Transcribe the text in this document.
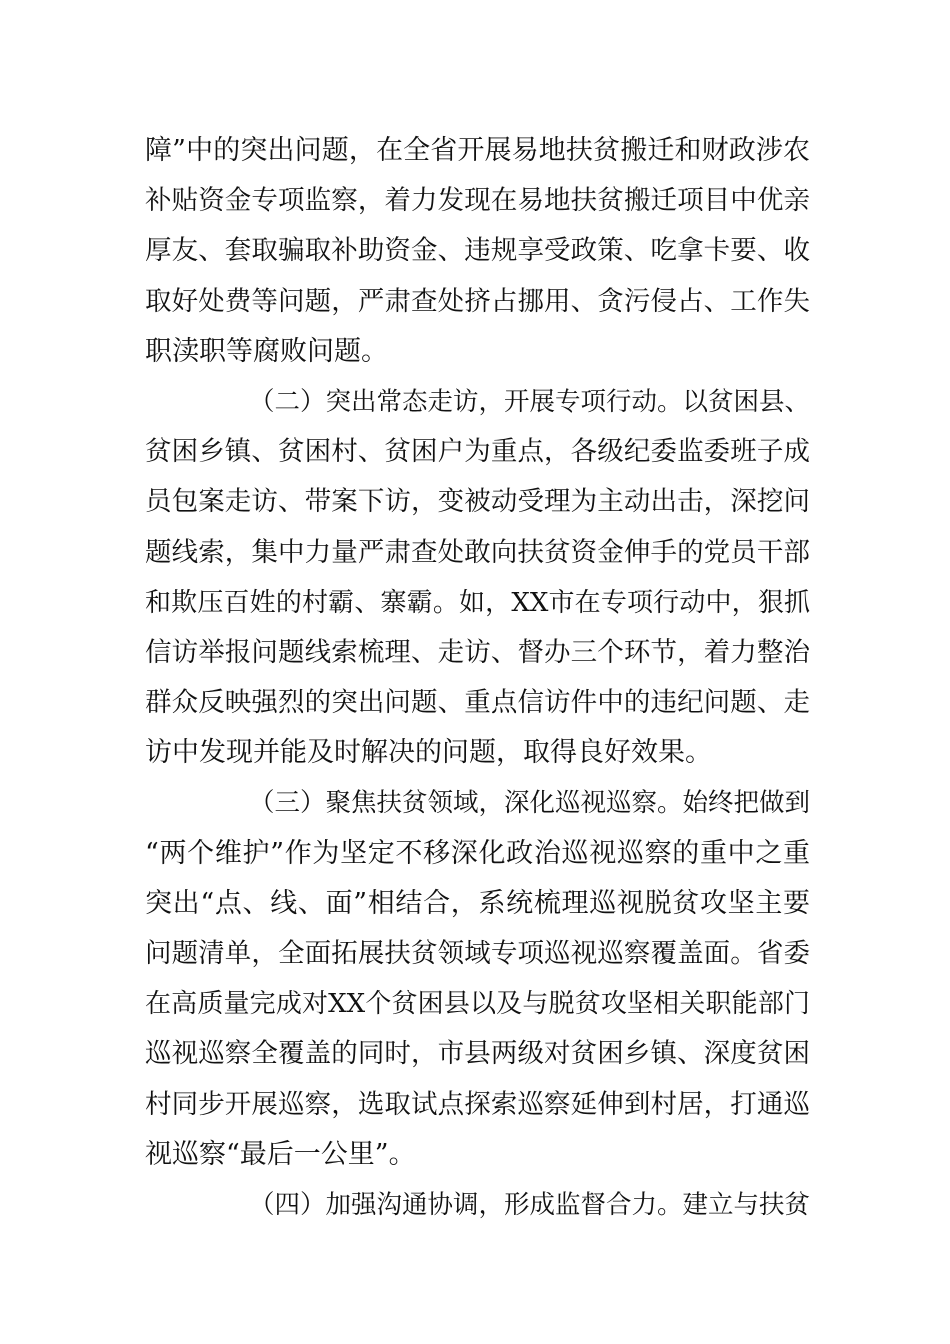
障”中的突出问题，在全省开展易地扶贫搬迁和财政涉农
补贴资金专项监察，着力发现在易地扶贫搬迁项目中优亲
厚友、套取骗取补助资金、违规享受政策、吃拿卡要、收
取好处费等问题，严肃查处挤占挪用、贪污侵占、工作失
职渎职等腐败问题。
（二）突出常态走访，开展专项行动。以贫困县、
贫困乡镇、贫困村、贫困户为重点，各级纪委监委班子成
员包案走访、带案下访，变被动受理为主动出击，深挖问
题线索，集中力量严肃查处敢向扶贫资金伸手的党员干部
和欺压百姓的村霸、寨霸。如，XX市在专项行动中，狠抓
信访举报问题线索梳理、走访、督办三个环节，着力整治
群众反映强烈的突出问题、重点信访件中的违纪问题、走
访中发现并能及时解决的问题，取得良好效果。
（三）聚焦扶贫领域，深化巡视巡察。始终把做到
“两个维护”作为坚定不移深化政治巡视巡察的重中之重
突出“点、线、面”相结合，系统梳理巡视脱贫攻坚主要
问题清单，全面拓展扶贫领域专项巡视巡察覆盖面。省委
在高质量完成对XX个贫困县以及与脱贫攻坚相关职能部门
巡视巡察全覆盖的同时，市县两级对贫困乡镇、深度贫困
村同步开展巡察，选取试点探索巡察延伸到村居，打通巡
视巡察“最后一公里”。
（四）加强沟通协调，形成监督合力。建立与扶贫
